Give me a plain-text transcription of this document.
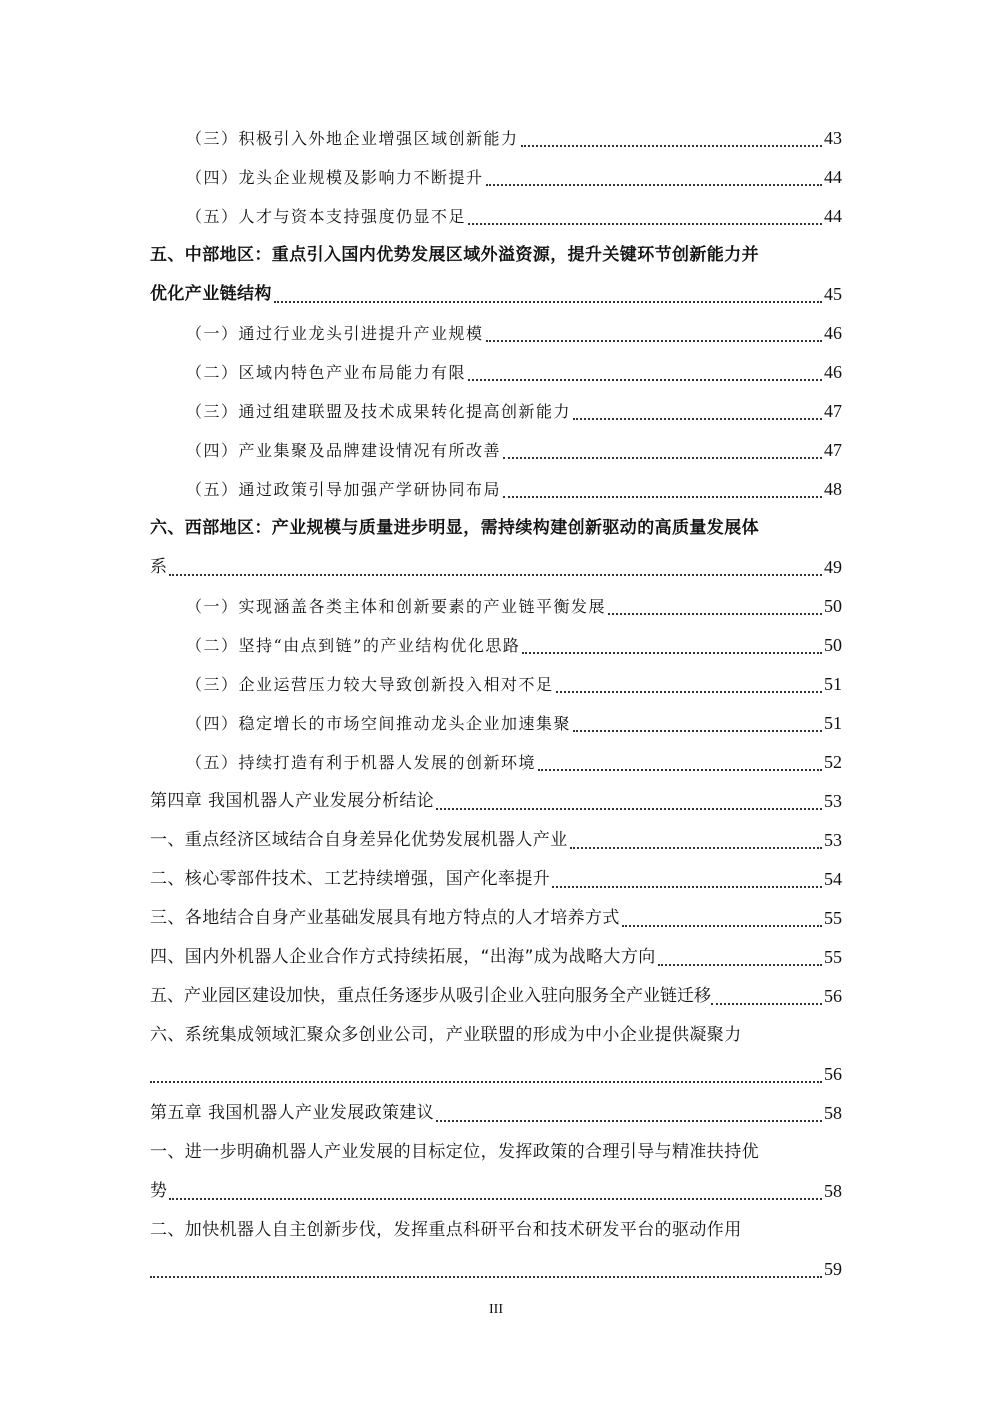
（三）积极引入外地企业增强区域创新能力	43
（四）龙头企业规模及影响力不断提升	44
（五）人才与资本支持强度仍显不足	44
五、中部地区：重点引入国内优势发展区域外溢资源，提升关键环节创新能力并
优化产业链结构	45
（一）通过行业龙头引进提升产业规模	46
（二）区域内特色产业布局能力有限	46
（三）通过组建联盟及技术成果转化提高创新能力	47
（四）产业集聚及品牌建设情况有所改善	47
（五）通过政策引导加强产学研协同布局	48
六、西部地区：产业规模与质量进步明显，需持续构建创新驱动的高质量发展体
系	49
（一）实现涵盖各类主体和创新要素的产业链平衡发展	50
（二）坚持“由点到链”的产业结构优化思路	50
（三）企业运营压力较大导致创新投入相对不足	51
（四）稳定增长的市场空间推动龙头企业加速集聚	51
（五）持续打造有利于机器人发展的创新环境	52
第四章 我国机器人产业发展分析结论	53
一、重点经济区域结合自身差异化优势发展机器人产业	53
二、核心零部件技术、工艺持续增强，国产化率提升	54
三、各地结合自身产业基础发展具有地方特点的人才培养方式	55
四、国内外机器人企业合作方式持续拓展，“出海”成为战略大方向	55
五、产业园区建设加快，重点任务逐步从吸引企业入驻向服务全产业链迁移	56
六、系统集成领域汇聚众多创业公司，产业联盟的形成为中小企业提供凝聚力
56
第五章 我国机器人产业发展政策建议	58
一、进一步明确机器人产业发展的目标定位，发挥政策的合理引导与精准扶持优
势	58
二、加快机器人自主创新步伐，发挥重点科研平台和技术研发平台的驱动作用
59
III
